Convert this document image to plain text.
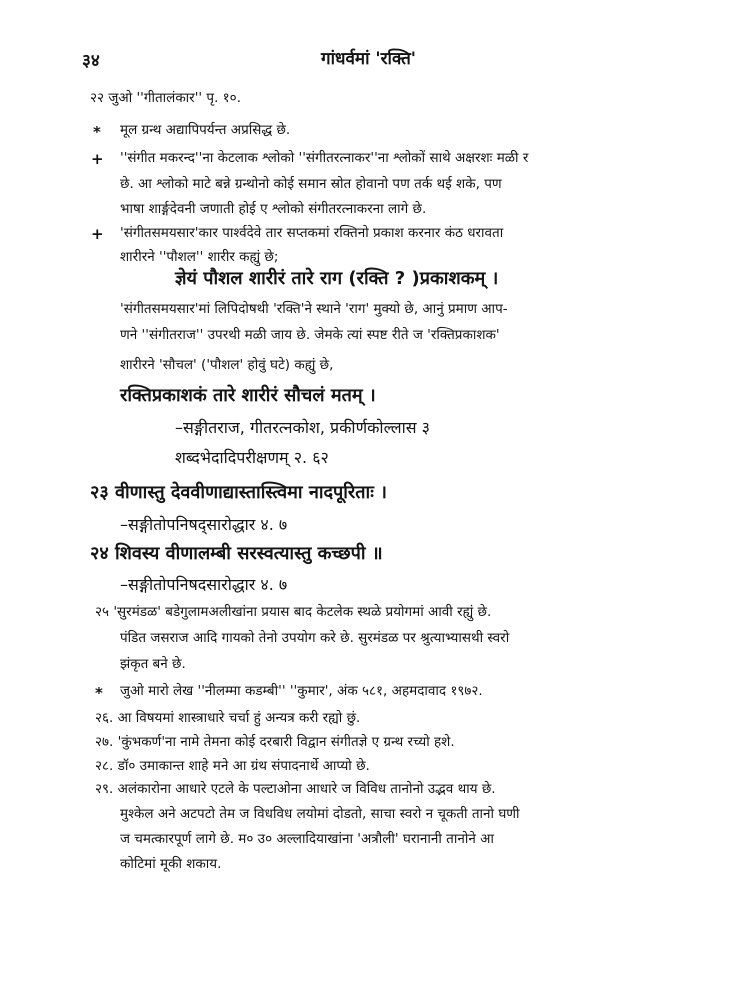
३४	गांधर्वमां 'रक्ति'
२२ जुओ ''गीतालंकार'' पृ. १०.
* मूल ग्रन्थ अद्यापिपर्यन्त अप्रसिद्ध छे.
+ ''संगीत मकरन्द''ना केटलाक श्लोको ''संगीतरत्नाकर''ना श्लोकों साथे अक्षरशः मळी र
छे. आ श्लोको माटे बन्ने ग्रन्थोनो कोई समान स्रोत होवानो पण तर्क थई शके, पण
भाषा शार्ङ्गदेवनी जणाती होई ए श्लोको संगीतरत्नाकरना लागे छे.
+ 'संगीतसमयसार'कार पार्श्वदेवे तार सप्तकमां रक्तिनो प्रकाश करनार कंठ धरावता
शारीरने ''पौशल'' शारीर कह्युं छे;
ज्ञेयं पौशल शारीरं तारे राग (रक्ति ? )प्रकाशकम् ।
'संगीतसमयसार'मां लिपिदोषथी 'रक्ति'ने स्थाने 'राग' मुक्यो छे, आनुं प्रमाण आप-
णने ''संगीतराज'' उपरथी मळी जाय छे. जेमके त्यां स्पष्ट रीते ज 'रक्तिप्रकाशक'
शारीरने 'सौचल' ('पौशल' होवुं घटे) कह्युं छे,
रक्तिप्रकाशकं तारे शारीरं सौचलं मतम् ।
–सङ्गीतराज, गीतरत्नकोश, प्रकीर्णकोल्लास ३
शब्दभेदादिपरीक्षणम् २. ६२
२३ वीणास्तु देववीणाद्यास्तास्त्विमा नादपूरिताः ।
–सङ्गीतोपनिषद्सारोद्धार ४. ७
२४ शिवस्य वीणालम्बी सरस्वत्यास्तु कच्छपी ॥
–सङ्गीतोपनिषदसारोद्धार ४. ७
२५ 'सुरमंडळ' बडेगुलामअलीखांना प्रयास बाद केटलेक स्थळे प्रयोगमां आवी रह्युं छे.
पंडित जसराज आदि गायको तेनो उपयोग करे छे. सुरमंडळ पर श्रुत्याभ्यासथी स्वरो
झंकृत बने छे.
* जुओ मारो लेख ''नीलम्मा कडम्बी'' ''कुमार', अंक ५८१, अहमदावाद १९७२.
२६. आ विषयमां शास्त्राधारे चर्चा हुं अन्यत्र करी रह्यो छुं.
२७. 'कुंभकर्ण'ना नामे तेमना कोई दरबारी विद्वान संगीतज्ञे ए ग्रन्थ रच्यो हशे.
२८. डॉ० उमाकान्त शाहे मने आ ग्रंथ संपादनार्थे आप्यो छे.
२९. अलंकारोना आधारे एटले के पल्टाओना आधारे ज विविध तानोनो उद्भव थाय छे.
मुश्केल अने अटपटो तेम ज विधविध लयोमां दोडतो, साचा स्वरो न चूकती तानो घणी
ज चमत्कारपूर्ण लागे छे. म० उ० अल्लादियाखांना 'अत्रौली' घरानानी तानोने आ
कोटिमां मूकी शकाय.
